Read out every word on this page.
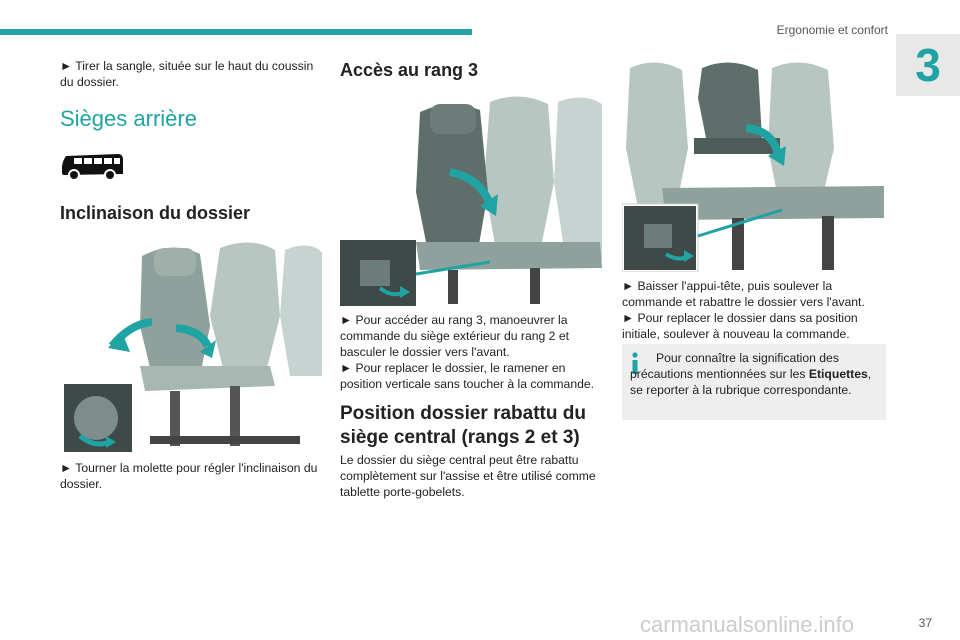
Ergonomie et confort
3

► Tirer la sangle, située sur le haut du coussin du dossier.

Sièges arrière
Inclinaison du dossier

► Tourner la molette pour régler l'inclinaison du dossier.

Accès au rang 3

► Pour accéder au rang 3, manoeuvrer la commande du siège extérieur du rang 2 et basculer le dossier vers l'avant.

► Pour replacer le dossier, le ramener en position verticale sans toucher à la commande.

Position dossier rabattu du
siège central (rangs 2 et 3)

Le dossier du siège central peut être rabattu complètement sur l'assise et être utilisé comme tablette porte-gobelets.

► Baisser l'appui-tête, puis soulever la commande et rabattre le dossier vers l'avant.

► Pour replacer le dossier dans sa position initiale, soulever à nouveau la commande.

Pour connaître la signification des précautions mentionnées sur les Etiquettes, se reporter à la rubrique correspondante.

37
carmanualsonline.info
